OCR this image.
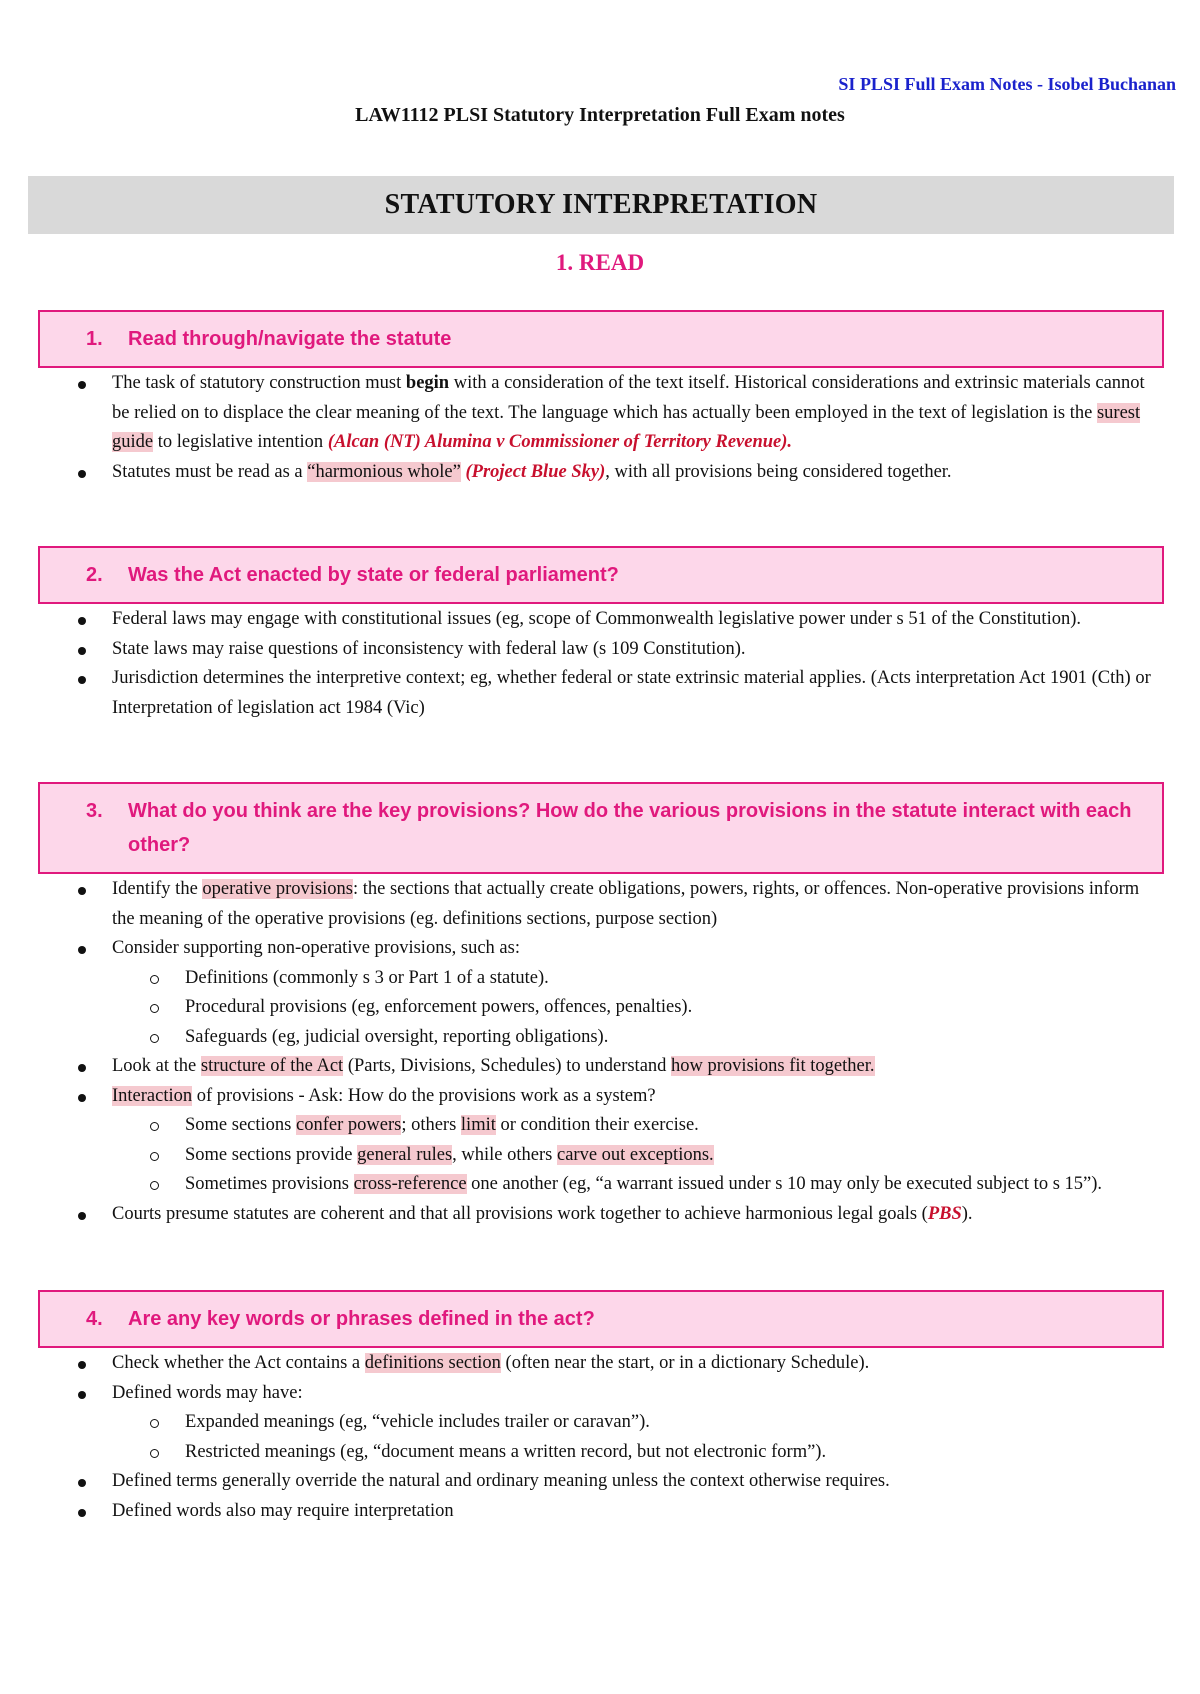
SI PLSI Full Exam Notes - Isobel Buchanan
LAW1112 PLSI Statutory Interpretation Full Exam notes
STATUTORY INTERPRETATION
1. READ
1.	Read through/navigate the statute
The task of statutory construction must begin with a consideration of the text itself. Historical considerations and extrinsic materials cannot be relied on to displace the clear meaning of the text. The language which has actually been employed in the text of legislation is the surest guide to legislative intention (Alcan (NT) Alumina v Commissioner of Territory Revenue).
Statutes must be read as a “harmonious whole” (Project Blue Sky), with all provisions being considered together.
2.	Was the Act enacted by state or federal parliament?
Federal laws may engage with constitutional issues (eg, scope of Commonwealth legislative power under s 51 of the Constitution).
State laws may raise questions of inconsistency with federal law (s 109 Constitution).
Jurisdiction determines the interpretive context; eg, whether federal or state extrinsic material applies. (Acts interpretation Act 1901 (Cth) or Interpretation of legislation act 1984 (Vic)
3.	What do you think are the key provisions? How do the various provisions in the statute interact with each other?
Identify the operative provisions: the sections that actually create obligations, powers, rights, or offences. Non-operative provisions inform the meaning of the operative provisions (eg. definitions sections, purpose section)
Consider supporting non-operative provisions, such as:
Definitions (commonly s 3 or Part 1 of a statute).
Procedural provisions (eg, enforcement powers, offences, penalties).
Safeguards (eg, judicial oversight, reporting obligations).
Look at the structure of the Act (Parts, Divisions, Schedules) to understand how provisions fit together.
Interaction of provisions - Ask: How do the provisions work as a system?
Some sections confer powers; others limit or condition their exercise.
Some sections provide general rules, while others carve out exceptions.
Sometimes provisions cross-reference one another (eg, “a warrant issued under s 10 may only be executed subject to s 15”).
Courts presume statutes are coherent and that all provisions work together to achieve harmonious legal goals (PBS).
4.	Are any key words or phrases defined in the act?
Check whether the Act contains a definitions section (often near the start, or in a dictionary Schedule).
Defined words may have:
Expanded meanings (eg, “vehicle includes trailer or caravan”).
Restricted meanings (eg, “document means a written record, but not electronic form”).
Defined terms generally override the natural and ordinary meaning unless the context otherwise requires.
Defined words also may require interpretation
